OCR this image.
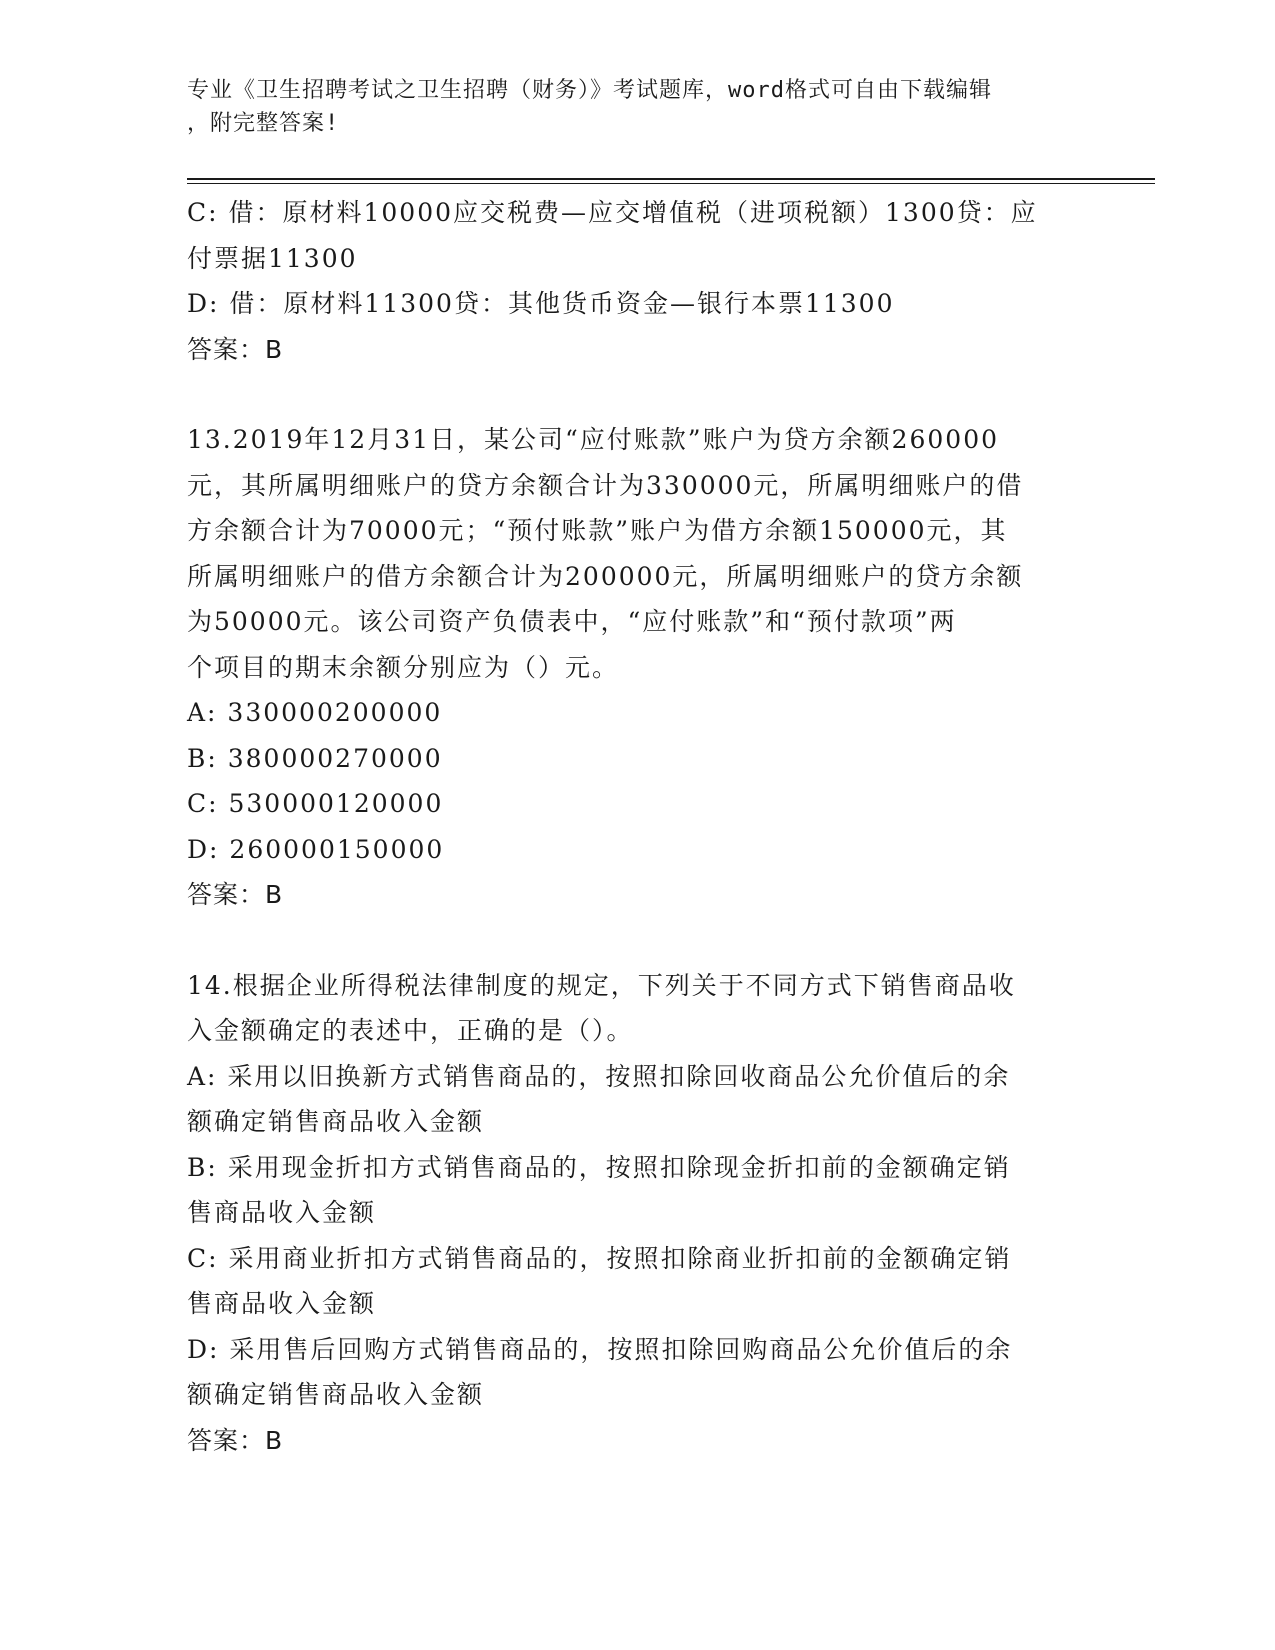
专业《卫生招聘考试之卫生招聘（财务）》考试题库，word格式可自由下载编辑
，附完整答案!

C: 借：原材料10000应交税费—应交增值税（进项税额）1300贷：应

付票据11300

D: 借：原材料11300贷：其他货币资金—银行本票11300

答案：B

13.2019年12月31日，某公司“应付账款”账户为贷方余额260000

元，其所属明细账户的贷方余额合计为330000元，所属明细账户的借

方余额合计为70000元；“预付账款”账户为借方余额150000元，其

所属明细账户的借方余额合计为200000元，所属明细账户的贷方余额

为50000元。该公司资产负债表中，“应付账款”和“预付款项”两

个项目的期末余额分别应为（）元。

A: 330000200000

B: 380000270000

C: 530000120000

D: 260000150000

答案：B

14.根据企业所得税法律制度的规定，下列关于不同方式下销售商品收

入金额确定的表述中，正确的是（）。

A: 采用以旧换新方式销售商品的，按照扣除回收商品公允价值后的余

额确定销售商品收入金额

B: 采用现金折扣方式销售商品的，按照扣除现金折扣前的金额确定销

售商品收入金额

C: 采用商业折扣方式销售商品的，按照扣除商业折扣前的金额确定销

售商品收入金额

D: 采用售后回购方式销售商品的，按照扣除回购商品公允价值后的余

额确定销售商品收入金额

答案：B
